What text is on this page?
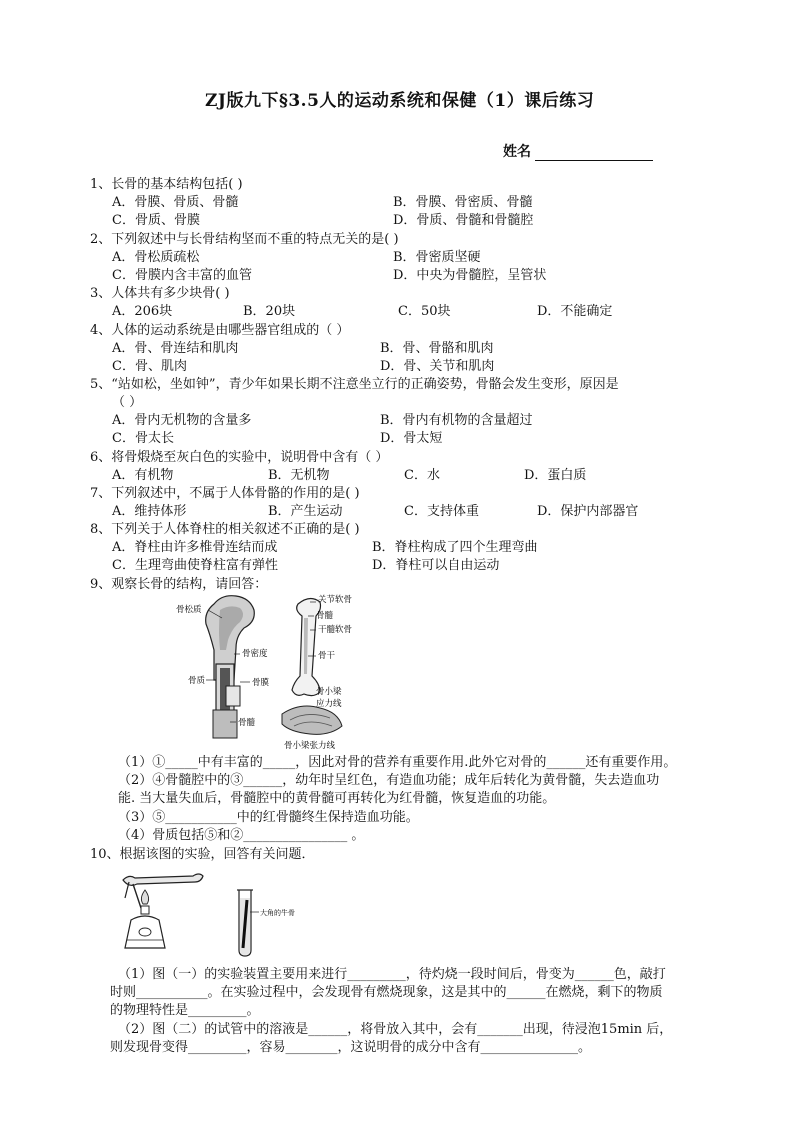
ZJ版九下§3.5人的运动系统和保健（1）课后练习
姓名
1、长骨的基本结构包括( )
A．骨膜、骨质、骨髓	B．骨膜、骨密质、骨髓
C．骨质、骨膜	D．骨质、骨髓和骨髓腔
2、下列叙述中与长骨结构坚而不重的特点无关的是( )
A．骨松质疏松	B．骨密质坚硬
C．骨膜内含丰富的血管	D．中央为骨髓腔，呈管状
3、人体共有多少块骨( )
A．206块	B．20块	C．50块	D．不能确定
4、人体的运动系统是由哪些器官组成的（ ）
A．骨、骨连结和肌肉	B．骨、骨骼和肌肉
C．骨、肌肉	D．骨、关节和肌肉
5、“站如松，坐如钟”，青少年如果长期不注意坐立行的正确姿势，骨骼会发生变形，原因是
（ ）
A．骨内无机物的含量多	B．骨内有机物的含量超过
C．骨太长	D．骨太短
6、将骨煅烧至灰白色的实验中，说明骨中含有（ ）
A．有机物	B．无机物	C．水	D．蛋白质
7、下列叙述中，不属于人体骨骼的作用的是( )
A．维持体形	B．产生运动	C．支持体重	D．保护内部器官
8、下列关于人体脊柱的相关叙述不正确的是( )
A．脊柱由许多椎骨连结而成	B．脊柱构成了四个生理弯曲
C．生理弯曲使脊柱富有弹性	D．脊柱可以自由运动
9、观察长骨的结构，请回答：
骨松质
骨密度
骨质	骨膜
骨髓
关节软骨
骨髓
干髓软骨
骨干
骨小梁
应力线
骨小梁张力线
（1）①_____中有丰富的_____，因此对骨的营养有重要作用.此外它对骨的______还有重要作用。
（2）④骨髓腔中的③______，幼年时呈红色，有造血功能；成年后转化为黄骨髓，失去造血功
能. 当大量失血后，骨髓腔中的黄骨髓可再转化为红骨髓，恢复造血的功能。
（3）⑤___________中的红骨髓终生保持造血功能。
（4）骨质包括⑤和②________________ 。
10、根据该图的实验，回答有关问题．
大角的牛骨
（1）图（一）的实验装置主要用来进行_________，待灼烧一段时间后，骨变为______色，敲打
时则___________。在实验过程中，会发现骨有燃烧现象，这是其中的______在燃烧，剩下的物质
的物理特性是_________。
（2）图（二）的试管中的溶液是______，将骨放入其中，会有_______出现，待浸泡15min 后，
则发现骨变得_________，容易________，这说明骨的成分中含有_______________。
